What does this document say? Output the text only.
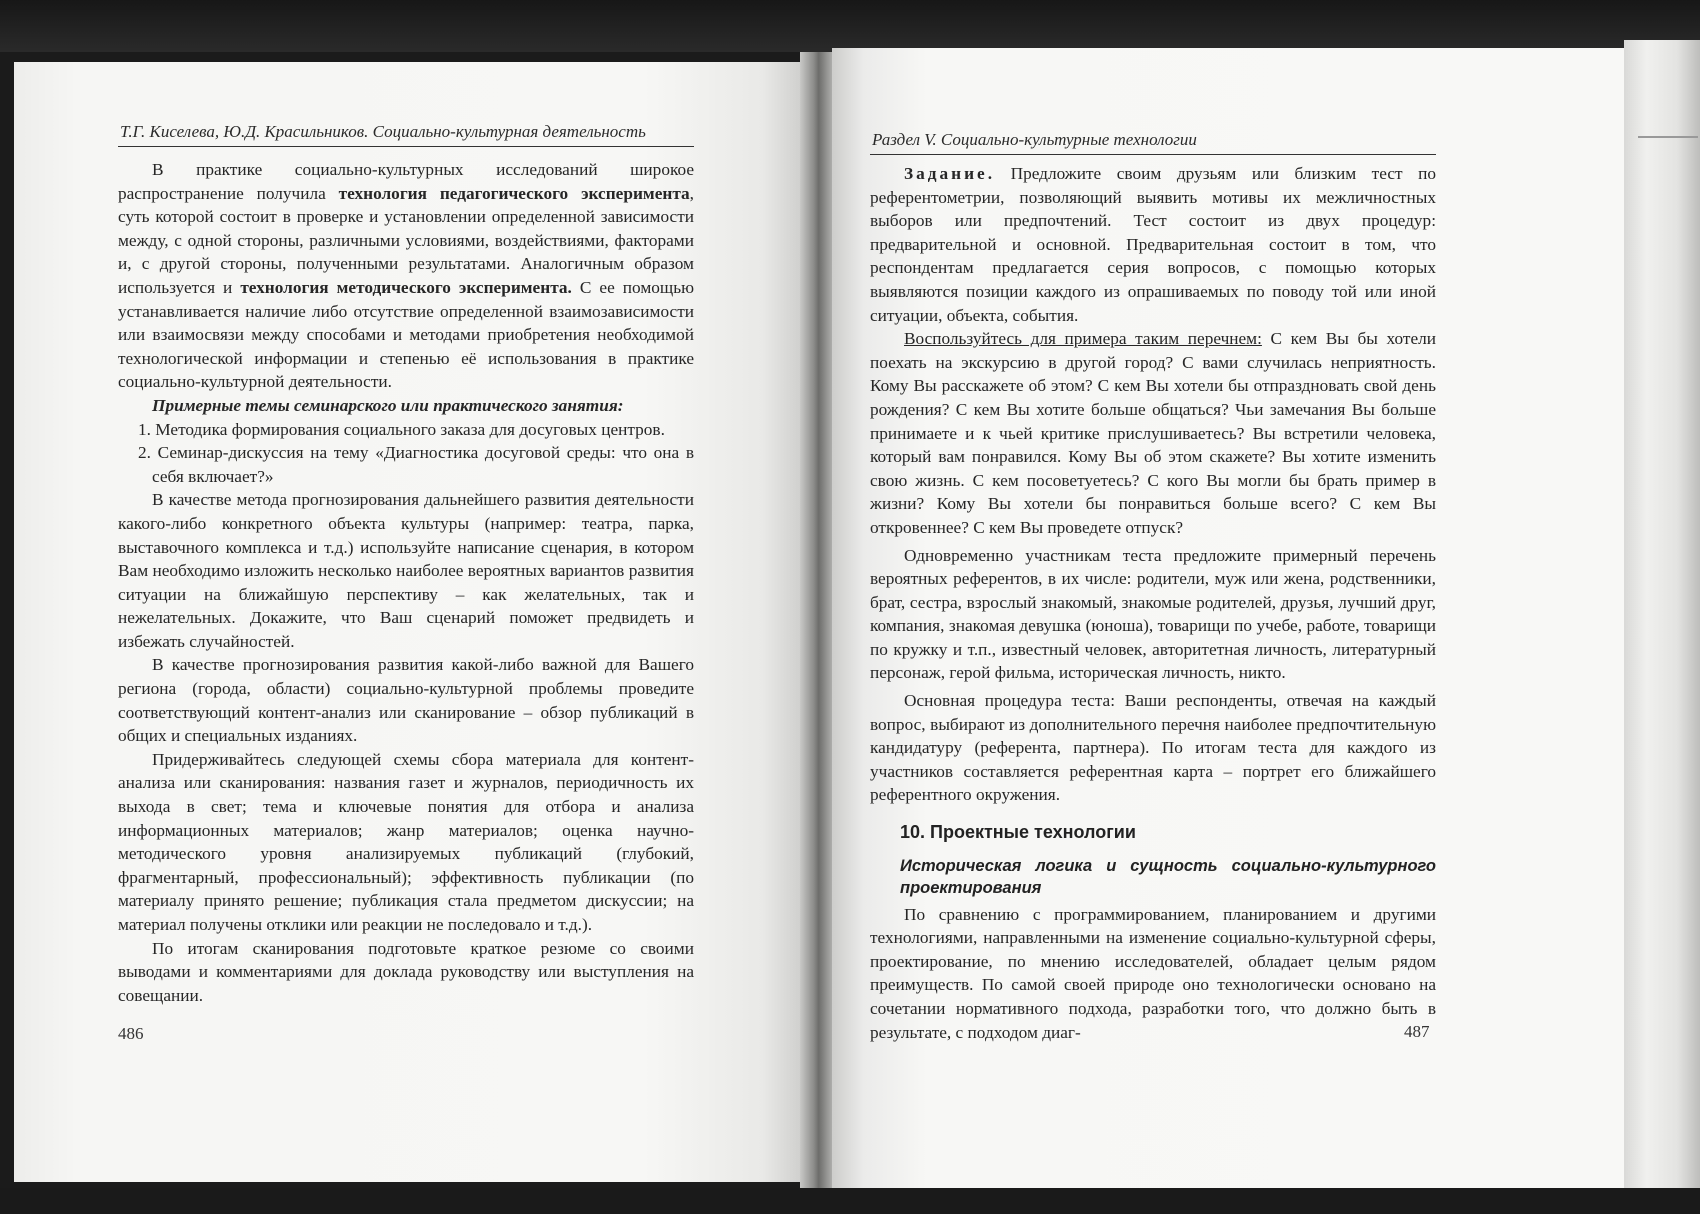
Т.Г. Киселева, Ю.Д. Красильников. Социально-культурная деятельность

В практике социально-культурных исследований широкое распространение получила технология педагогического эксперимента, суть которой состоит в проверке и установлении определенной зависимости между, с одной стороны, различными условиями, воздействиями, факторами и, с другой стороны, полученными результатами. Аналогичным образом используется и технология методического эксперимента. С ее помощью устанавливается наличие либо отсутствие определенной взаимозависимости или взаимосвязи между способами и методами приобретения необходимой технологической информации и степенью её использования в практике социально-культурной деятельности.

Примерные темы семинарского или практического занятия:

1. Методика формирования социального заказа для досуговых центров.
2. Семинар-дискуссия на тему «Диагностика досуговой среды: что она в себя включает?»

В качестве метода прогнозирования дальнейшего развития деятельности какого-либо конкретного объекта культуры (например: театра, парка, выставочного комплекса и т.д.) используйте написание сценария, в котором Вам необходимо изложить несколько наиболее вероятных вариантов развития ситуации на ближайшую перспективу – как желательных, так и нежелательных. Докажите, что Ваш сценарий поможет предвидеть и избежать случайностей.

В качестве прогнозирования развития какой-либо важной для Вашего региона (города, области) социально-культурной проблемы проведите соответствующий контент-анализ или сканирование – обзор публикаций в общих и специальных изданиях.

Придерживайтесь следующей схемы сбора материала для контент-анализа или сканирования: названия газет и журналов, периодичность их выхода в свет; тема и ключевые понятия для отбора и анализа информационных материалов; жанр материалов; оценка научно-методического уровня анализируемых публикаций (глубокий, фрагментарный, профессиональный); эффективность публикации (по материалу принято решение; публикация стала предметом дискуссии; на материал получены отклики или реакции не последовало и т.д.).

По итогам сканирования подготовьте краткое резюме со своими выводами и комментариями для доклада руководству или выступления на совещании.

486
Раздел V. Социально-культурные технологии

Задание. Предложите своим друзьям или близким тест по референтометрии, позволяющий выявить мотивы их межличностных выборов или предпочтений. Тест состоит из двух процедур: предварительной и основной. Предварительная состоит в том, что респондентам предлагается серия вопросов, с помощью которых выявляются позиции каждого из опрашиваемых по поводу той или иной ситуации, объекта, события.

Воспользуйтесь для примера таким перечнем: С кем Вы бы хотели поехать на экскурсию в другой город? С вами случилась неприятность. Кому Вы расскажете об этом? С кем Вы хотели бы отпраздновать свой день рождения? С кем Вы хотите больше общаться? Чьи замечания Вы больше принимаете и к чьей критике прислушиваетесь? Вы встретили человека, который вам понравился. Кому Вы об этом скажете? Вы хотите изменить свою жизнь. С кем посоветуетесь? С кого Вы могли бы брать пример в жизни? Кому Вы хотели бы понравиться больше всего? С кем Вы откровеннее? С кем Вы проведете отпуск?

Одновременно участникам теста предложите примерный перечень вероятных референтов, в их числе: родители, муж или жена, родственники, брат, сестра, взрослый знакомый, знакомые родителей, друзья, лучший друг, компания, знакомая девушка (юноша), товарищи по учебе, работе, товарищи по кружку и т.п., известный человек, авторитетная личность, литературный персонаж, герой фильма, историческая личность, никто.

Основная процедура теста: Ваши респонденты, отвечая на каждый вопрос, выбирают из дополнительного перечня наиболее предпочтительную кандидатуру (референта, партнера). По итогам теста для каждого из участников составляется референтная карта – портрет его ближайшего референтного окружения.

10. Проектные технологии
Историческая логика и сущность социально-культурного проектирования

По сравнению с программированием, планированием и другими технологиями, направленными на изменение социально-культурной сферы, проектирование, по мнению исследователей, обладает целым рядом преимуществ. По самой своей природе оно технологически основано на сочетании нормативного подхода, разработки того, что должно быть в результате, с подходом диаг-	487
